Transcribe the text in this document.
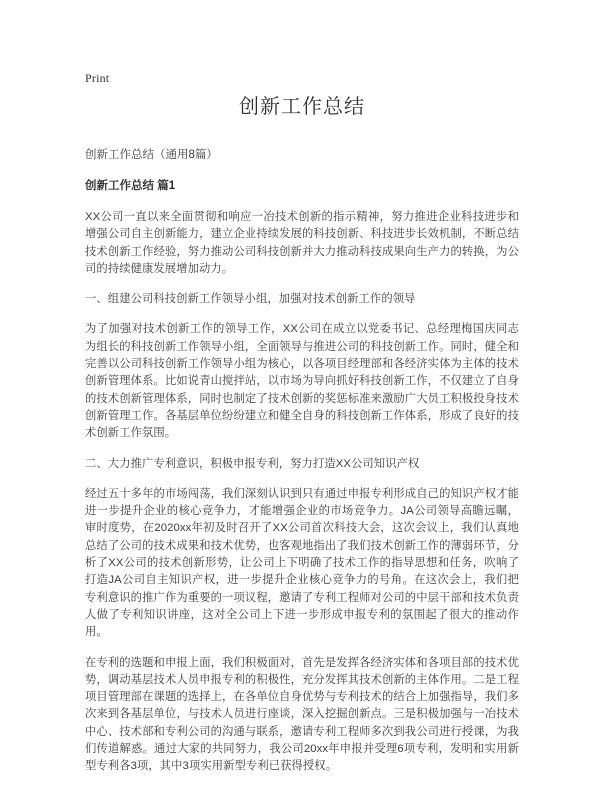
Print
创新工作总结
创新工作总结（通用8篇）
创新工作总结 篇1
XX公司一直以来全面贯彻和响应一冶技术创新的指示精神，努力推进企业科技进步和增强公司自主创新能力，建立企业持续发展的科技创新、科技进步长效机制，不断总结技术创新工作经验，努力推动公司科技创新并大力推动科技成果向生产力的转换，为公司的持续健康发展增加动力。
一、组建公司科技创新工作领导小组，加强对技术创新工作的领导
为了加强对技术创新工作的领导工作，XX公司在成立以党委书记、总经理梅国庆同志为组长的科技创新工作领导小组，全面领导与推进公司的科技创新工作。同时，健全和完善以公司科技创新工作领导小组为核心，以各项目经理部和各经济实体为主体的技术创新管理体系。比如说青山搅拌站，以市场为导向抓好科技创新工作，不仅建立了自身的技术创新管理体系，同时也制定了技术创新的奖惩标准来激励广大员工积极投身技术创新管理工作。各基层单位纷纷建立和健全自身的科技创新工作体系，形成了良好的技术创新工作氛围。
二、大力推广专利意识，积极申报专利，努力打造XX公司知识产权
经过五十多年的市场闯荡，我们深刻认识到只有通过申报专利形成自己的知识产权才能进一步提升企业的核心竞争力，才能增强企业的市场竞争力。JA公司领导高瞻远瞩，审时度势，在2020xx年初及时召开了XX公司首次科技大会，这次会议上，我们认真地总结了公司的技术成果和技术优势，也客观地指出了我们技术创新工作的薄弱环节，分析了XX公司的技术创新形势，让公司上下明确了技术工作的指导思想和任务，吹响了打造JA公司自主知识产权，进一步提升企业核心竞争力的号角。在这次会上，我们把专利意识的推广作为重要的一项议程，邀请了专利工程师对公司的中层干部和技术负责人做了专利知识讲座，这对全公司上下进一步形成申报专利的氛围起了很大的推动作用。
在专利的选题和申报上面，我们积极面对，首先是发挥各经济实体和各项目部的技术优势，调动基层技术人员申报专利的积极性，充分发挥其技术创新的主体作用。二是工程项目管理部在课题的选择上，在各单位自身优势与专利技术的结合上加强指导，我们多次来到各基层单位，与技术人员进行座谈，深入挖掘创新点。三是积极加强与一冶技术中心、技术部和专利公司的沟通与联系，邀请专利工程师多次到我公司进行授课，为我们传道解惑。通过大家的共同努力，我公司20xx年申报并受理6项专利，发明和实用新型专利各3项，其中3项实用新型专利已获得授权。
